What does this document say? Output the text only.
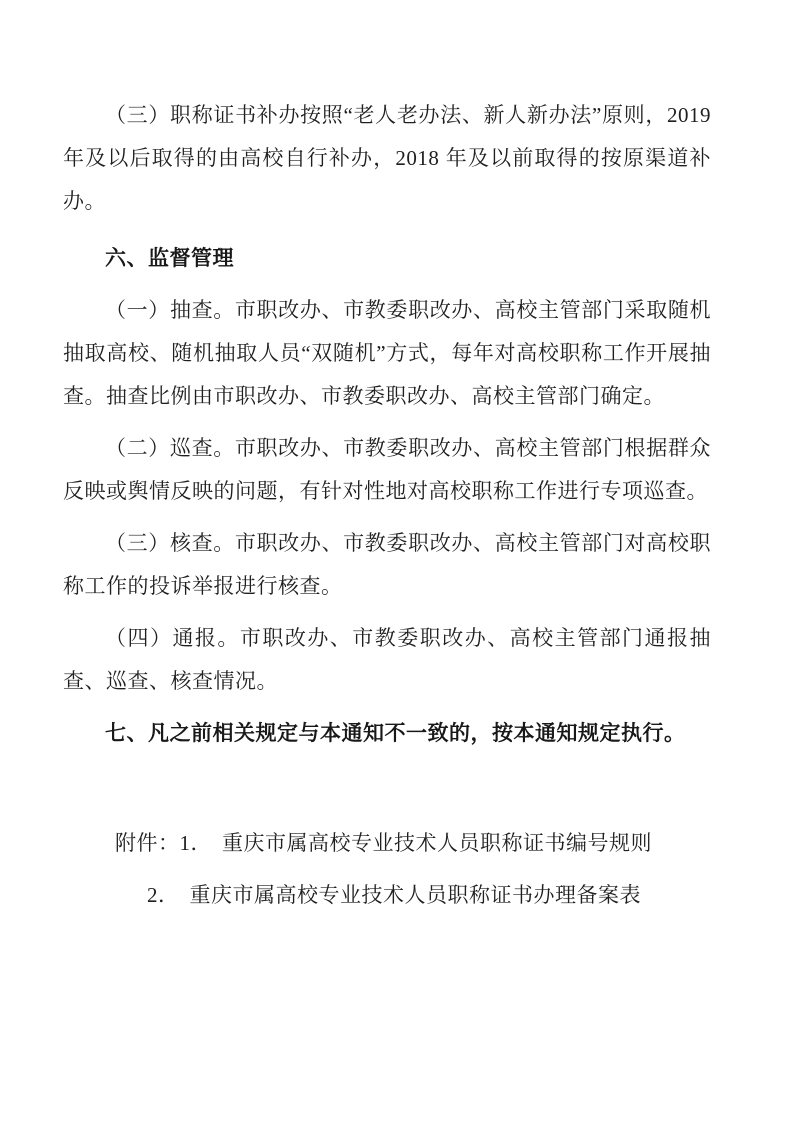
（三）职称证书补办按照“老人老办法、新人新办法”原则，2019 年及以后取得的由高校自行补办，2018 年及以前取得的按原渠道补办。

六、监督管理

（一）抽查。市职改办、市教委职改办、高校主管部门采取随机抽取高校、随机抽取人员“双随机”方式，每年对高校职称工作开展抽查。抽查比例由市职改办、市教委职改办、高校主管部门确定。

（二）巡查。市职改办、市教委职改办、高校主管部门根据群众反映或舆情反映的问题，有针对性地对高校职称工作进行专项巡查。

（三）核查。市职改办、市教委职改办、高校主管部门对高校职称工作的投诉举报进行核查。

（四）通报。市职改办、市教委职改办、高校主管部门通报抽查、巡查、核查情况。

七、凡之前相关规定与本通知不一致的，按本通知规定执行。

附件：1． 重庆市属高校专业技术人员职称证书编号规则

2． 重庆市属高校专业技术人员职称证书办理备案表
